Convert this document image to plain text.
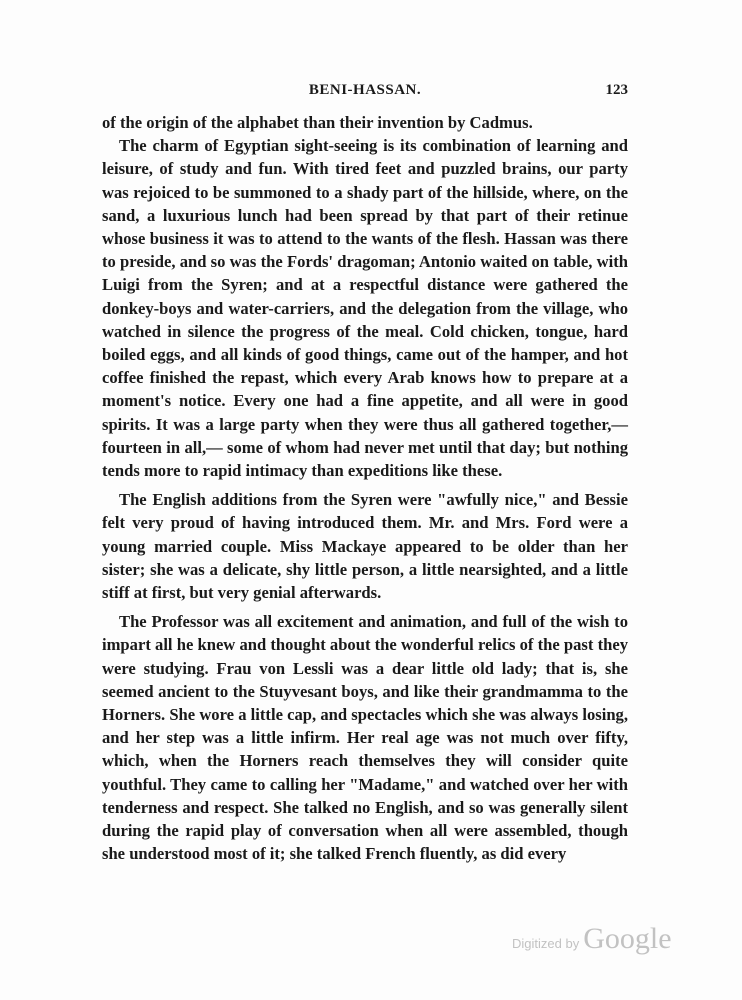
BENI-HASSAN.	123

of the origin of the alphabet than their invention by Cadmus.

The charm of Egyptian sight-seeing is its combination of learning and leisure, of study and fun. With tired feet and puzzled brains, our party was rejoiced to be summoned to a shady part of the hillside, where, on the sand, a luxurious lunch had been spread by that part of their retinue whose business it was to attend to the wants of the flesh. Hassan was there to preside, and so was the Fords' dragoman; Antonio waited on table, with Luigi from the Syren; and at a respectful distance were gathered the donkey-boys and water-carriers, and the delegation from the village, who watched in silence the progress of the meal. Cold chicken, tongue, hard boiled eggs, and all kinds of good things, came out of the hamper, and hot coffee finished the repast, which every Arab knows how to prepare at a moment's notice. Every one had a fine appetite, and all were in good spirits. It was a large party when they were thus all gathered together,— fourteen in all,— some of whom had never met until that day; but nothing tends more to rapid intimacy than expeditions like these.

The English additions from the Syren were "awfully nice," and Bessie felt very proud of having introduced them. Mr. and Mrs. Ford were a young married couple. Miss Mackaye appeared to be older than her sister; she was a delicate, shy little person, a little nearsighted, and a little stiff at first, but very genial afterwards.

The Professor was all excitement and animation, and full of the wish to impart all he knew and thought about the wonderful relics of the past they were studying. Frau von Lessli was a dear little old lady; that is, she seemed ancient to the Stuyvesant boys, and like their grandmamma to the Horners. She wore a little cap, and spectacles which she was always losing, and her step was a little infirm. Her real age was not much over fifty, which, when the Horners reach themselves they will consider quite youthful. They came to calling her "Madame," and watched over her with tenderness and respect. She talked no English, and so was generally silent during the rapid play of conversation when all were assembled, though she understood most of it; she talked French fluently, as did every

Digitized by Google
